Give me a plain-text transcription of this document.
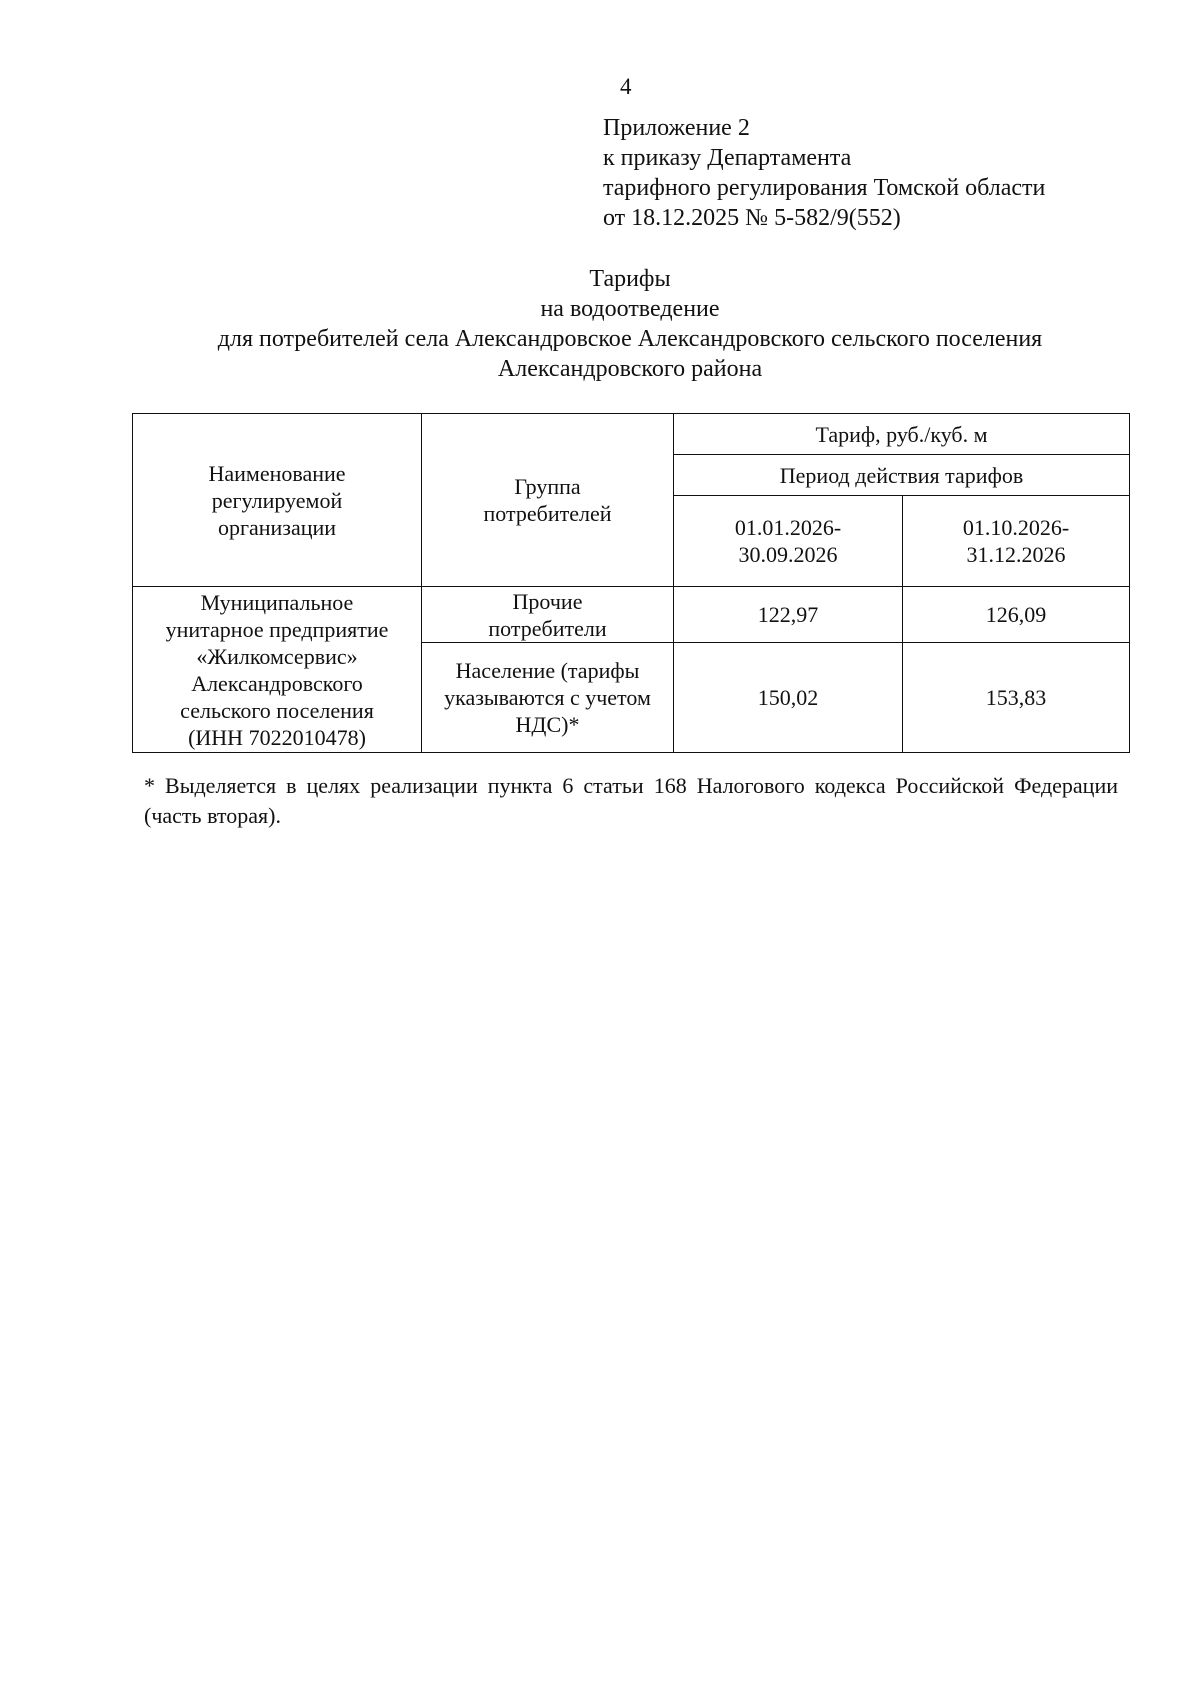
4
Приложение 2
к приказу Департамента
тарифного регулирования Томской области
от 18.12.2025 № 5-582/9(552)
Тарифы
на водоотведение
для потребителей села Александровское Александровского сельского поселения
Александровского района
Наименование регулируемой организации	Группа потребителей	Тариф, руб./куб. м	
		Период действия тарифов	
		01.01.2026-30.09.2026	01.10.2026-31.12.2026
Муниципальное унитарное предприятие «Жилкомсервис» Александровского сельского поселения (ИНН 7022010478)	Прочие потребители	122,97	126,09
	Население (тарифы указываются с учетом НДС)*	150,02	153,83
* Выделяется в целях реализации пункта 6 статьи 168 Налогового кодекса Российской Федерации (часть вторая).
